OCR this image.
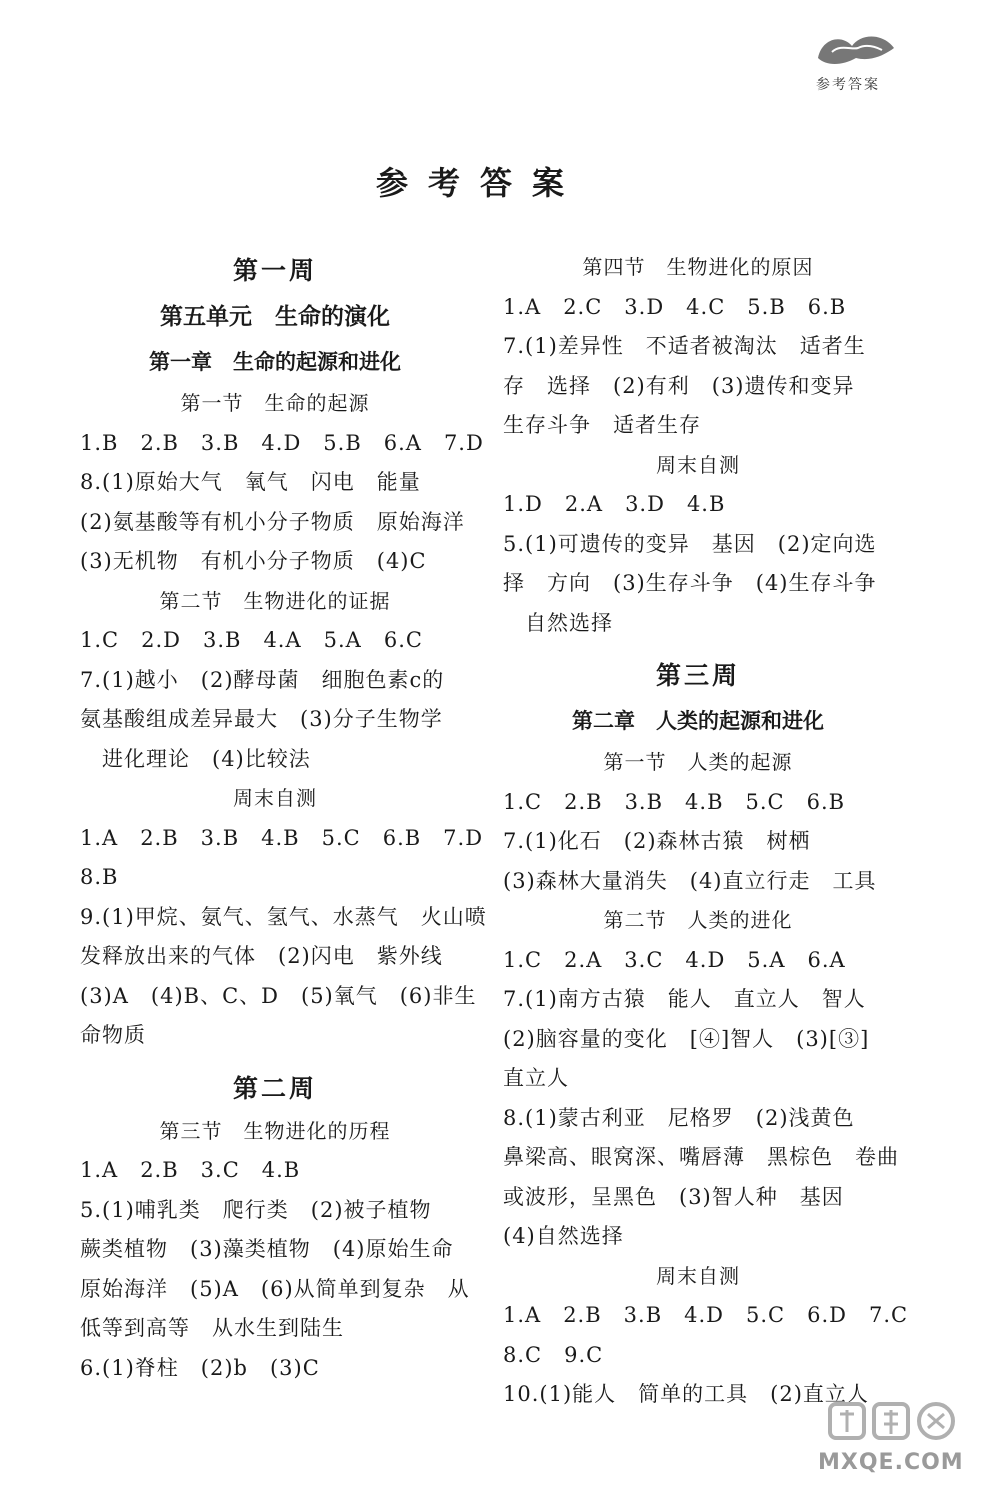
参考答案
参考答案
第一周
第五单元　生命的演化
第一章　生命的起源和进化
第一节　生命的起源
1.B　2.B　3.B　4.D　5.B　6.A　7.D
8.(1)原始大气　氧气　闪电　能量
(2)氨基酸等有机小分子物质　原始海洋
(3)无机物　有机小分子物质　(4)C
第二节　生物进化的证据
1.C　2.D　3.B　4.A　5.A　6.C
7.(1)越小　(2)酵母菌　细胞色素c的
氨基酸组成差异最大　(3)分子生物学
进化理论　(4)比较法
周末自测
1.A　2.B　3.B　4.B　5.C　6.B　7.D
8.B
9.(1)甲烷、氨气、氢气、水蒸气　火山喷
发释放出来的气体　(2)闪电　紫外线
(3)A　(4)B、C、D　(5)氧气　(6)非生
命物质
第二周
第三节　生物进化的历程
1.A　2.B　3.C　4.B
5.(1)哺乳类　爬行类　(2)被子植物
蕨类植物　(3)藻类植物　(4)原始生命
原始海洋　(5)A　(6)从简单到复杂　从
低等到高等　从水生到陆生
6.(1)脊柱　(2)b　(3)C
第四节　生物进化的原因
1.A　2.C　3.D　4.C　5.B　6.B
7.(1)差异性　不适者被淘汰　适者生
存　选择　(2)有利　(3)遗传和变异
生存斗争　适者生存
周末自测
1.D　2.A　3.D　4.B
5.(1)可遗传的变异　基因　(2)定向选
择　方向　(3)生存斗争　(4)生存斗争
自然选择
第三周
第二章　人类的起源和进化
第一节　人类的起源
1.C　2.B　3.B　4.B　5.C　6.B
7.(1)化石　(2)森林古猿　树栖
(3)森林大量消失　(4)直立行走　工具
第二节　人类的进化
1.C　2.A　3.C　4.D　5.A　6.A
7.(1)南方古猿　能人　直立人　智人
(2)脑容量的变化　[④]智人　(3)[③]
直立人
8.(1)蒙古利亚　尼格罗　(2)浅黄色
鼻梁高、眼窝深、嘴唇薄　黑棕色　卷曲
或波形，呈黑色　(3)智人种　基因
(4)自然选择
周末自测
1.A　2.B　3.B　4.D　5.C　6.D　7.C
8.C　9.C
10.(1)能人　简单的工具　(2)直立人
MXQE.COM
